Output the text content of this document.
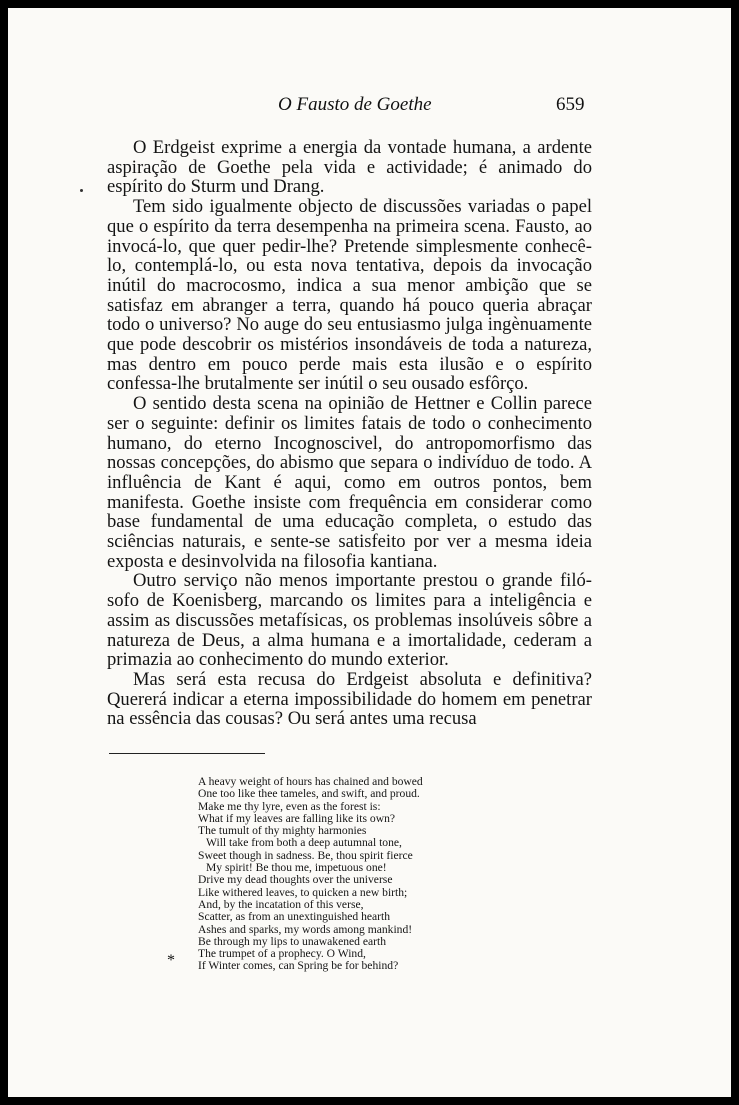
O Fausto de Goethe	659

O Erdgeist exprime a energia da vontade humana, a ardente aspiração de Goethe pela vida e actividade; é animado do espírito do Sturm und Drang.

Tem sido igualmente objecto de discussões variadas o papel que o espírito da terra desempenha na primeira scena. Fausto, ao invocá-lo, que quer pedir-lhe? Pretende simplesmente conhecê-lo, contemplá-lo, ou esta nova tentativa, depois da invocação inútil do macrocosmo, indica a sua menor ambição que se satisfaz em abranger a terra, quando há pouco queria abraçar todo o universo? No auge do seu entusiasmo julga ingènuamente que pode descobrir os mistérios insondáveis de toda a natureza, mas dentro em pouco perde mais esta ilusão e o espírito confessa-lhe brutalmente ser inútil o seu ousado esfôrço.

O sentido desta scena na opinião de Hettner e Collin parece ser o seguinte: definir os limites fatais de todo o conhecimento humano, do eterno Incognoscivel, do antropomorfismo das nossas concepções, do abismo que separa o indivíduo de todo. A influência de Kant é aqui, como em outros pontos, bem manifesta. Goethe insiste com frequência em considerar como base fundamental de uma educação completa, o estudo das sciências naturais, e sente-se satisfeito por ver a mesma ideia exposta e desinvolvida na filosofia kantiana.

Outro serviço não menos importante prestou o grande filósofo de Koenisberg, marcando os limites para a inteligência e assim as discussões metafísicas, os problemas insolúveis sôbre a natureza de Deus, a alma humana e a imortalidade, cederam a primazia ao conhecimento do mundo exterior.

Mas será esta recusa do Erdgeist absoluta e definitiva? Quererá indicar a eterna impossibilidade do homem em penetrar na essência das cousas? Ou será antes uma recusa

A heavy weight of hours has chained and bowed
One too like thee tameles, and swift, and proud.
Make me thy lyre, even as the forest is:
What if my leaves are falling like its own?
The tumult of thy mighty harmonies
Will take from both a deep autumnal tone,
Sweet though in sadness. Be, thou spirit fierce
My spirit! Be thou me, impetuous one!
Drive my dead thoughts over the universe
Like withered leaves, to quicken a new birth;
And, by the incatation of this verse,
Scatter, as from an unextinguished hearth
Ashes and sparks, my words among mankind!
Be through my lips to unawakened earth
The trumpet of a prophecy. O Wind,
If Winter comes, can Spring be for behind?
*
